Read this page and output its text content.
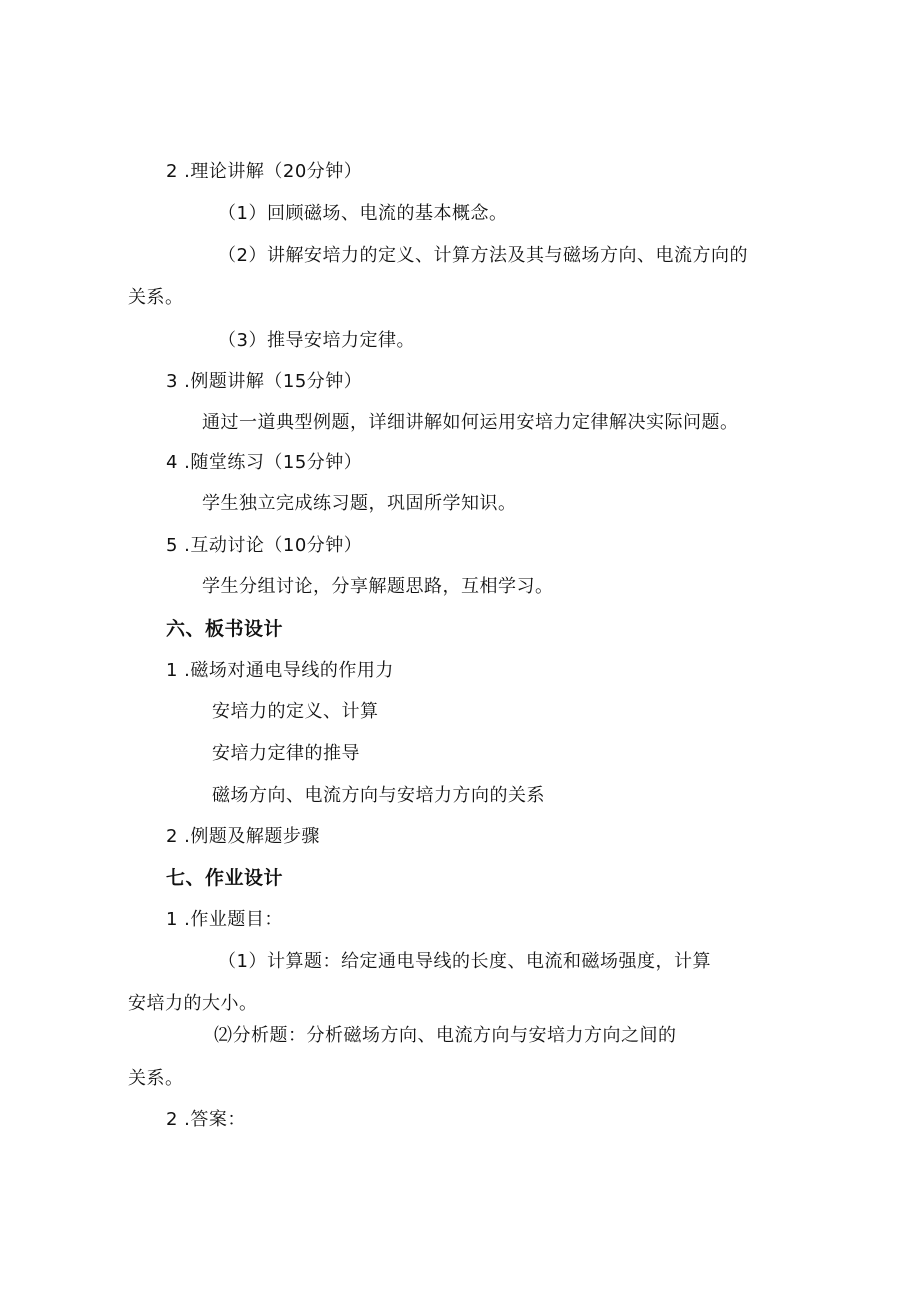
2 .理论讲解（20分钟）
（1）回顾磁场、电流的基本概念。
（2）讲解安培力的定义、计算方法及其与磁场方向、电流方向的
关系。
（3）推导安培力定律。
3 .例题讲解（15分钟）
通过一道典型例题，详细讲解如何运用安培力定律解决实际问题。
4 .随堂练习（15分钟）
学生独立完成练习题，巩固所学知识。
5 .互动讨论（10分钟）
学生分组讨论，分享解题思路，互相学习。
六、板书设计
1 .磁场对通电导线的作用力
安培力的定义、计算
安培力定律的推导
磁场方向、电流方向与安培力方向的关系
2 .例题及解题步骤
七、作业设计
1 .作业题目：
（1）计算题：给定通电导线的长度、电流和磁场强度，计算
安培力的大小。
⑵分析题：分析磁场方向、电流方向与安培力方向之间的
关系。
2 .答案：
